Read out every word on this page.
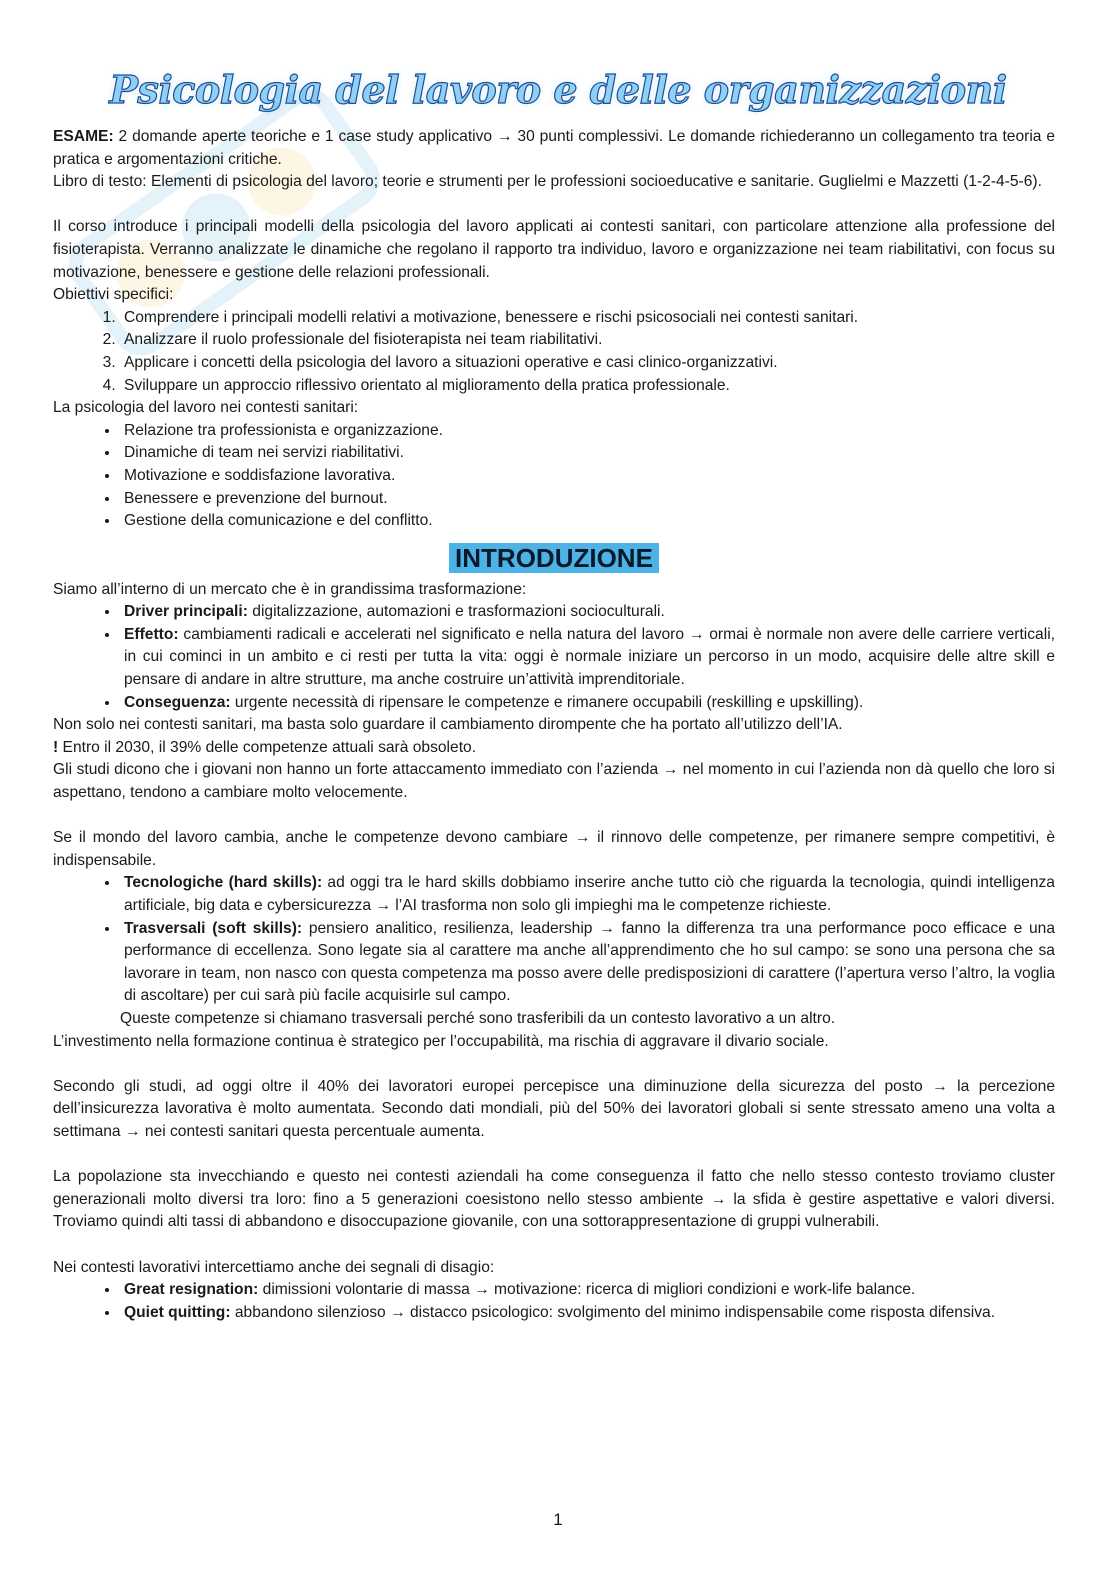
Psicologia del lavoro e delle organizzazioni

ESAME: 2 domande aperte teoriche e 1 case study applicativo → 30 punti complessivi. Le domande richiederanno un collegamento tra teoria e pratica e argomentazioni critiche.

Libro di testo: Elementi di psicologia del lavoro; teorie e strumenti per le professioni socioeducative e sanitarie. Guglielmi e Mazzetti (1-2-4-5-6).

Il corso introduce i principali modelli della psicologia del lavoro applicati ai contesti sanitari, con particolare attenzione alla professione del fisioterapista. Verranno analizzate le dinamiche che regolano il rapporto tra individuo, lavoro e organizzazione nei team riabilitativi, con focus su motivazione, benessere e gestione delle relazioni professionali.

Obiettivi specifici:

1. Comprendere i principali modelli relativi a motivazione, benessere e rischi psicosociali nei contesti sanitari.
2. Analizzare il ruolo professionale del fisioterapista nei team riabilitativi.
3. Applicare i concetti della psicologia del lavoro a situazioni operative e casi clinico-organizzativi.
4. Sviluppare un approccio riflessivo orientato al miglioramento della pratica professionale.

La psicologia del lavoro nei contesti sanitari:

• Relazione tra professionista e organizzazione.
• Dinamiche di team nei servizi riabilitativi.
• Motivazione e soddisfazione lavorativa.
• Benessere e prevenzione del burnout.
• Gestione della comunicazione e del conflitto.
INTRODUZIONE

Siamo all’interno di un mercato che è in grandissima trasformazione:

• Driver principali: digitalizzazione, automazioni e trasformazioni socioculturali.
• Effetto: cambiamenti radicali e accelerati nel significato e nella natura del lavoro → ormai è normale non avere delle carriere verticali, in cui cominci in un ambito e ci resti per tutta la vita: oggi è normale iniziare un percorso in un modo, acquisire delle altre skill e pensare di andare in altre strutture, ma anche costruire un’attività imprenditoriale.
• Conseguenza: urgente necessità di ripensare le competenze e rimanere occupabili (reskilling e upskilling).

Non solo nei contesti sanitari, ma basta solo guardare il cambiamento dirompente che ha portato all’utilizzo dell’IA.

! Entro il 2030, il 39% delle competenze attuali sarà obsoleto.

Gli studi dicono che i giovani non hanno un forte attaccamento immediato con l’azienda → nel momento in cui l’azienda non dà quello che loro si aspettano, tendono a cambiare molto velocemente.

Se il mondo del lavoro cambia, anche le competenze devono cambiare → il rinnovo delle competenze, per rimanere sempre competitivi, è indispensabile.

• Tecnologiche (hard skills): ad oggi tra le hard skills dobbiamo inserire anche tutto ciò che riguarda la tecnologia, quindi intelligenza artificiale, big data e cybersicurezza → l’AI trasforma non solo gli impieghi ma le competenze richieste.
• Trasversali (soft skills): pensiero analitico, resilienza, leadership → fanno la differenza tra una performance poco efficace e una performance di eccellenza. Sono legate sia al carattere ma anche all’apprendimento che ho sul campo: se sono una persona che sa lavorare in team, non nasco con questa competenza ma posso avere delle predisposizioni di carattere (l’apertura verso l’altro, la voglia di ascoltare) per cui sarà più facile acquisirle sul campo.

Queste competenze si chiamano trasversali perché sono trasferibili da un contesto lavorativo a un altro.

L’investimento nella formazione continua è strategico per l’occupabilità, ma rischia di aggravare il divario sociale.

Secondo gli studi, ad oggi oltre il 40% dei lavoratori europei percepisce una diminuzione della sicurezza del posto → la percezione dell’insicurezza lavorativa è molto aumentata. Secondo dati mondiali, più del 50% dei lavoratori globali si sente stressato ameno una volta a settimana → nei contesti sanitari questa percentuale aumenta.

La popolazione sta invecchiando e questo nei contesti aziendali ha come conseguenza il fatto che nello stesso contesto troviamo cluster generazionali molto diversi tra loro: fino a 5 generazioni coesistono nello stesso ambiente → la sfida è gestire aspettative e valori diversi. Troviamo quindi alti tassi di abbandono e disoccupazione giovanile, con una sottorappresentazione di gruppi vulnerabili.

Nei contesti lavorativi intercettiamo anche dei segnali di disagio:

• Great resignation: dimissioni volontarie di massa → motivazione: ricerca di migliori condizioni e work-life balance.
• Quiet quitting: abbandono silenzioso → distacco psicologico: svolgimento del minimo indispensabile come risposta difensiva.
1
